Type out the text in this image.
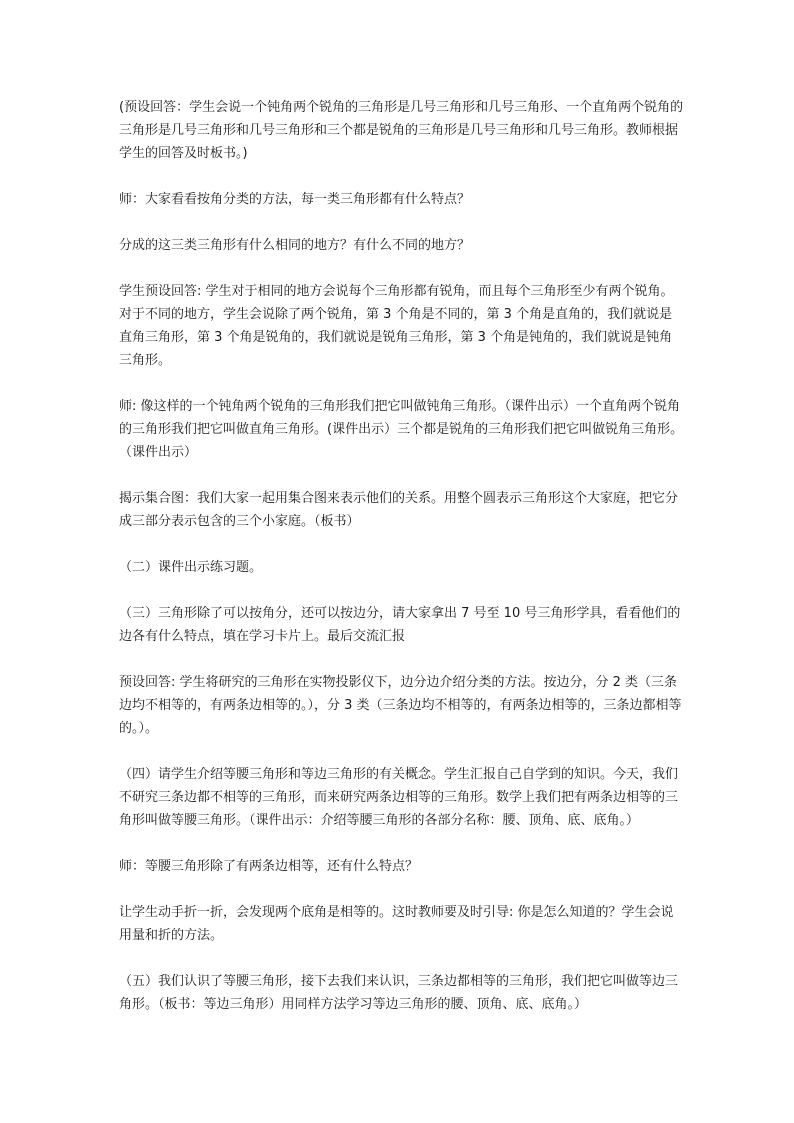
(预设回答：学生会说一个钝角两个锐角的三角形是几号三角形和几号三角形、一个直角两个锐角的三角形是几号三角形和几号三角形和三个都是锐角的三角形是几号三角形和几号三角形。教师根据学生的回答及时板书。)

师：大家看看按角分类的方法，每一类三角形都有什么特点？

分成的这三类三角形有什么相同的地方？有什么不同的地方？

学生预设回答: 学生对于相同的地方会说每个三角形都有锐角，而且每个三角形至少有两个锐角。对于不同的地方，学生会说除了两个锐角，第 3 个角是不同的，第 3 个角是直角的，我们就说是直角三角形，第 3 个角是锐角的，我们就说是锐角三角形，第 3 个角是钝角的，我们就说是钝角三角形。

师: 像这样的一个钝角两个锐角的三角形我们把它叫做钝角三角形。（课件出示）一个直角两个锐角的三角形我们把它叫做直角三角形。(课件出示）三个都是锐角的三角形我们把它叫做锐角三角形。（课件出示）

揭示集合图：我们大家一起用集合图来表示他们的关系。用整个圆表示三角形这个大家庭，把它分成三部分表示包含的三个小家庭。（板书）

（二）课件出示练习题。

（三）三角形除了可以按角分，还可以按边分，请大家拿出 7 号至 10 号三角形学具，看看他们的边各有什么特点，填在学习卡片上。最后交流汇报

预设回答: 学生将研究的三角形在实物投影仪下，边分边介绍分类的方法。按边分，分 2 类（三条边均不相等的，有两条边相等的。），分 3 类（三条边均不相等的，有两条边相等的，三条边都相等的。）。

（四）请学生介绍等腰三角形和等边三角形的有关概念。学生汇报自己自学到的知识。今天，我们不研究三条边都不相等的三角形，而来研究两条边相等的三角形。数学上我们把有两条边相等的三角形叫做等腰三角形。（课件出示：介绍等腰三角形的各部分名称：腰、顶角、底、底角。）

师：等腰三角形除了有两条边相等，还有什么特点？

让学生动手折一折，会发现两个底角是相等的。这时教师要及时引导: 你是怎么知道的？学生会说用量和折的方法。

（五）我们认识了等腰三角形，接下去我们来认识，三条边都相等的三角形，我们把它叫做等边三角形。（板书：等边三角形）用同样方法学习等边三角形的腰、顶角、底、底角。）
